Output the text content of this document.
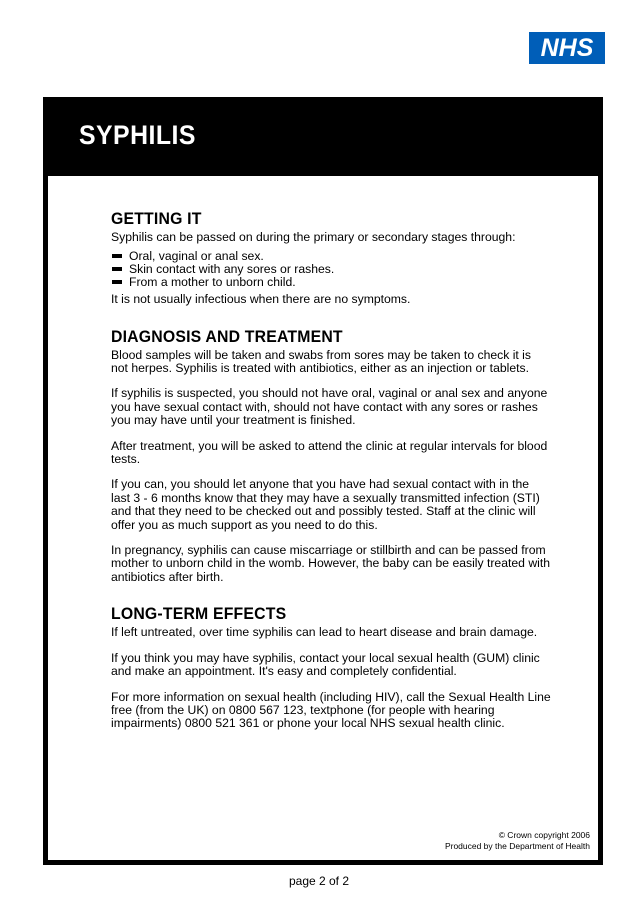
NHS
SYPHILIS
GETTING IT

Syphilis can be passed on during the primary or secondary stages through:

Oral, vaginal or anal sex.
Skin contact with any sores or rashes.
From a mother to unborn child.

It is not usually infectious when there are no symptoms.

DIAGNOSIS AND TREATMENT

Blood samples will be taken and swabs from sores may be taken to check it is not herpes. Syphilis is treated with antibiotics, either as an injection or tablets.

If syphilis is suspected, you should not have oral, vaginal or anal sex and anyone you have sexual contact with, should not have contact with any sores or rashes you may have until your treatment is finished.

After treatment, you will be asked to attend the clinic at regular intervals for blood tests.

If you can, you should let anyone that you have had sexual contact with in the last 3 - 6 months know that they may have a sexually transmitted infection (STI) and that they need to be checked out and possibly tested. Staff at the clinic will offer you as much support as you need to do this.

In pregnancy, syphilis can cause miscarriage or stillbirth and can be passed from mother to unborn child in the womb. However, the baby can be easily treated with antibiotics after birth.

LONG-TERM EFFECTS

If left untreated, over time syphilis can lead to heart disease and brain damage.

If you think you may have syphilis, contact your local sexual health (GUM) clinic and make an appointment. It's easy and completely confidential.

For more information on sexual health (including HIV), call the Sexual Health Line free (from the UK) on 0800 567 123, textphone (for people with hearing impairments) 0800 521 361 or phone your local NHS sexual health clinic.

© Crown copyright 2006
Produced by the Department of Health
page 2 of 2
